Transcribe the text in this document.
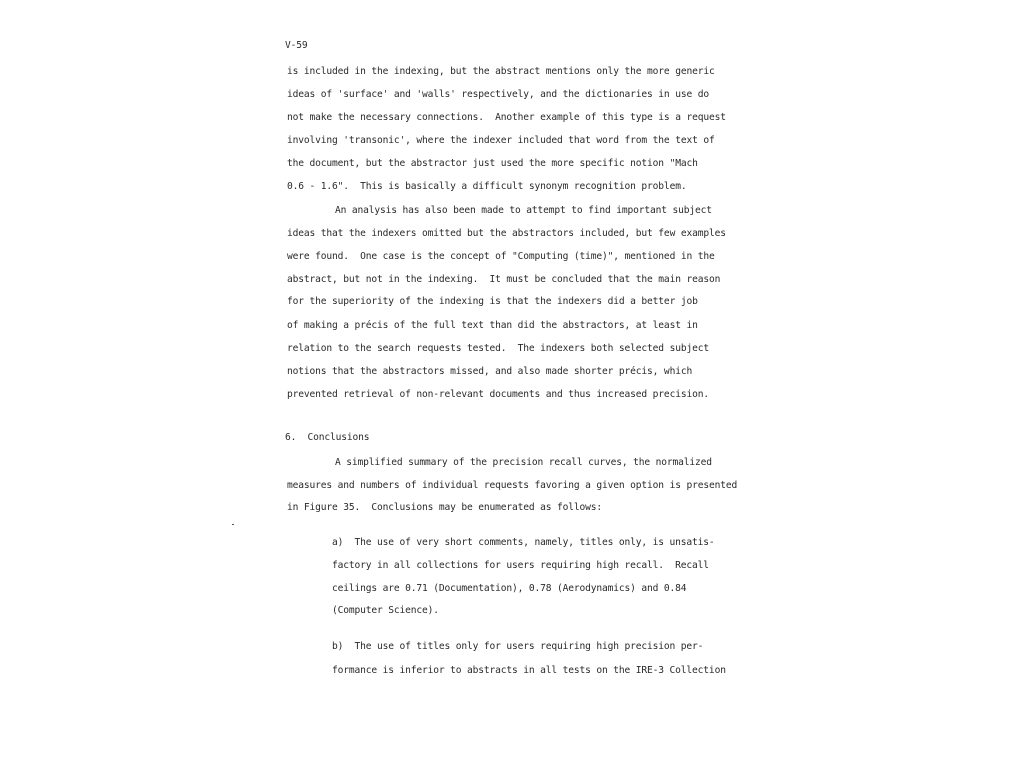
V-59
is included in the indexing, but the abstract mentions only the more generic
ideas of 'surface' and 'walls' respectively, and the dictionaries in use do
not make the necessary connections.  Another example of this type is a request
involving 'transonic', where the indexer included that word from the text of
the document, but the abstractor just used the more specific notion "Mach
0.6 - 1.6".  This is basically a difficult synonym recognition problem.
An analysis has also been made to attempt to find important subject
ideas that the indexers omitted but the abstractors included, but few examples
were found.  One case is the concept of "Computing (time)", mentioned in the
abstract, but not in the indexing.  It must be concluded that the main reason
for the superiority of the indexing is that the indexers did a better job
of making a précis of the full text than did the abstractors, at least in
relation to the search requests tested.  The indexers both selected subject
notions that the abstractors missed, and also made shorter précis, which
prevented retrieval of non-relevant documents and thus increased precision.
6.  Conclusions
A simplified summary of the precision recall curves, the normalized
measures and numbers of individual requests favoring a given option is presented
in Figure 35.  Conclusions may be enumerated as follows:
a)  The use of very short comments, namely, titles only, is unsatis-
factory in all collections for users requiring high recall.  Recall
ceilings are 0.71 (Documentation), 0.78 (Aerodynamics) and 0.84
(Computer Science).
b)  The use of titles only for users requiring high precision per-
formance is inferior to abstracts in all tests on the IRE-3 Collection
